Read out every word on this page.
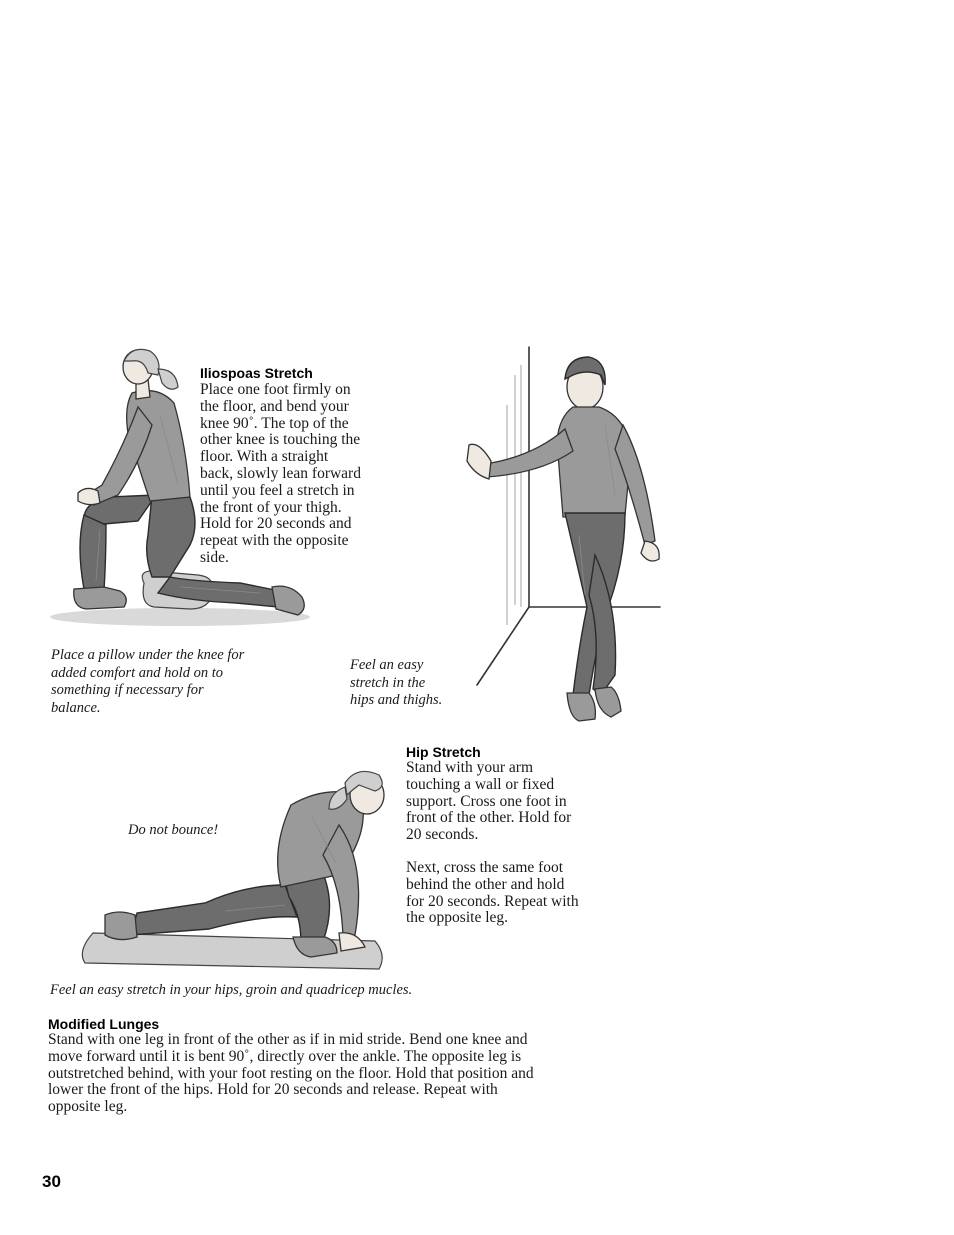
Iliospoas Stretch
Place one foot firmly on
the floor, and bend your
knee 90˚. The top of the
other knee is touching the
floor. With a straight
back, slowly lean forward
until you feel a stretch in
the front of your thigh.
Hold for 20 seconds and
repeat with the opposite
side.
Place a pillow under the knee for
added comfort and hold on to
something if necessary for
balance.
Feel an easy
stretch in the
hips and thighs.
Hip Stretch
Stand with your arm
touching a wall or fixed
support. Cross one foot in
front of the other. Hold for
20 seconds.
Next, cross the same foot
behind the other and hold
for 20 seconds. Repeat with
the opposite leg.
Do not bounce!
Feel an easy stretch in your hips, groin and quadricep mucles.
Modified Lunges
Stand with one leg in front of the other as if in mid stride. Bend one knee and
move forward until it is bent 90˚, directly over the ankle. The opposite leg is
outstretched behind, with your foot resting on the floor. Hold that position and
lower the front of the hips. Hold for 20 seconds and release. Repeat with
opposite leg.
30
